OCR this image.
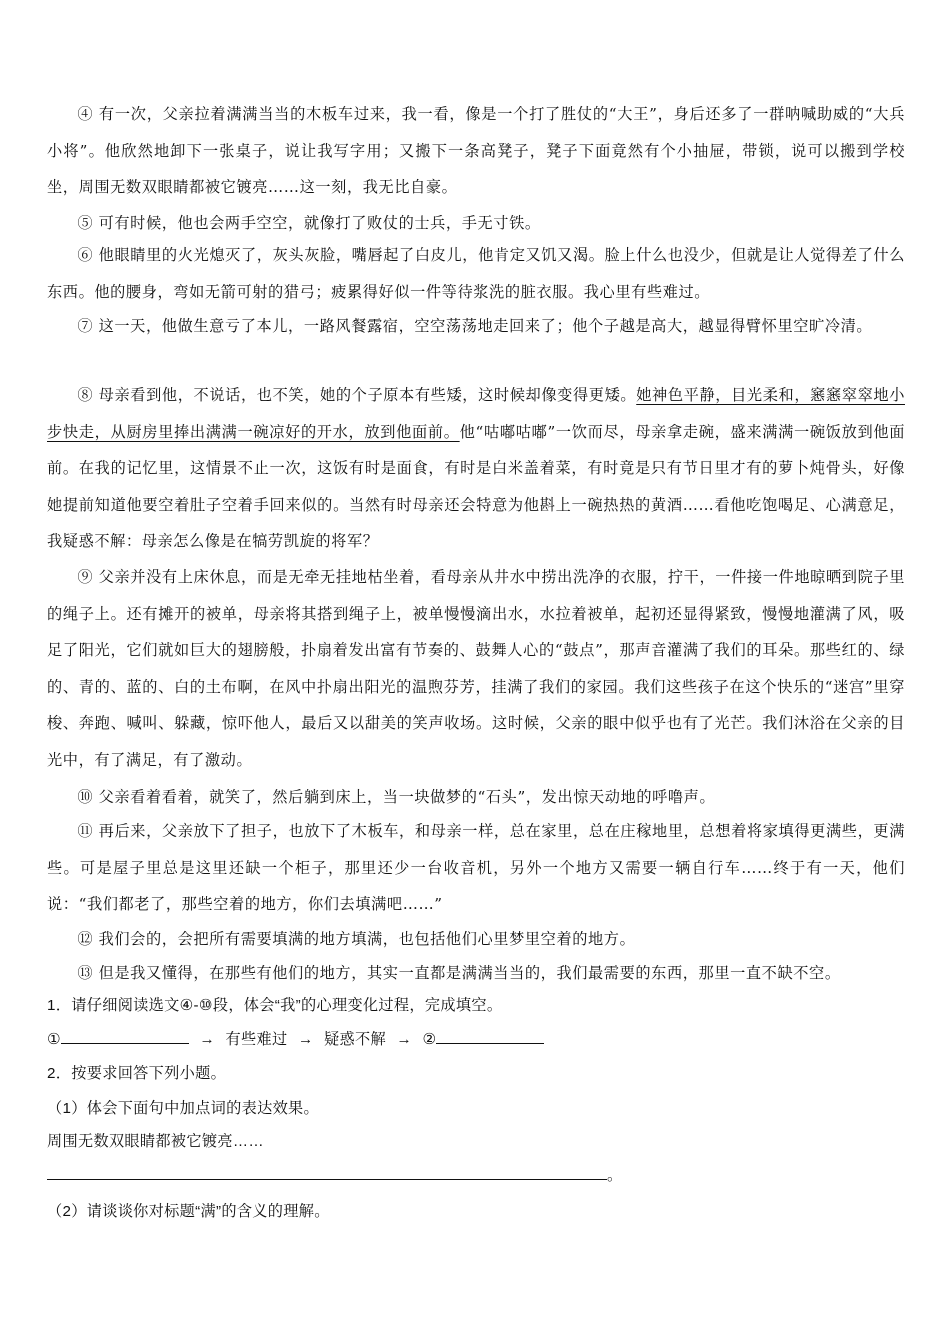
④ 有一次，父亲拉着满满当当的木板车过来，我一看，像是一个打了胜仗的“大王”，身后还多了一群呐喊助威的“大兵小将”。他欣然地卸下一张桌子，说让我写字用；又搬下一条高凳子，凳子下面竟然有个小抽屉，带锁，说可以搬到学校坐，周围无数双眼睛都被它镀亮……这一刻，我无比自豪。
⑤ 可有时候，他也会两手空空，就像打了败仗的士兵，手无寸铁。
⑥ 他眼睛里的火光熄灭了，灰头灰脸，嘴唇起了白皮儿，他肯定又饥又渴。脸上什么也没少，但就是让人觉得差了什么东西。他的腰身，弯如无箭可射的猎弓；疲累得好似一件等待浆洗的脏衣服。我心里有些难过。
⑦ 这一天，他做生意亏了本儿，一路风餐露宿，空空荡荡地走回来了；他个子越是高大，越显得臂怀里空旷冷清。
⑧ 母亲看到他，不说话，也不笑，她的个子原本有些矮，这时候却像变得更矮。她神色平静，目光柔和，窸窸窣窣地小步快走，从厨房里捧出满满一碗凉好的开水，放到他面前。他“咕嘟咕嘟”一饮而尽，母亲拿走碗，盛来满满一碗饭放到他面前。在我的记忆里，这情景不止一次，这饭有时是面食，有时是白米盖着菜，有时竟是只有节日里才有的萝卜炖骨头，好像她提前知道他要空着肚子空着手回来似的。当然有时母亲还会特意为他斟上一碗热热的黄酒……看他吃饱喝足、心满意足，我疑惑不解：母亲怎么像是在犒劳凯旋的将军？
⑨ 父亲并没有上床休息，而是无牵无挂地枯坐着，看母亲从井水中捞出洗净的衣服，拧干，一件接一件地晾晒到院子里的绳子上。还有摊开的被单，母亲将其搭到绳子上，被单慢慢滴出水，水拉着被单，起初还显得紧致，慢慢地灌满了风，吸足了阳光，它们就如巨大的翅膀般，扑扇着发出富有节奏的、鼓舞人心的“鼓点”，那声音灌满了我们的耳朵。那些红的、绿的、青的、蓝的、白的土布啊，在风中扑扇出阳光的温煦芬芳，挂满了我们的家园。我们这些孩子在这个快乐的“迷宫”里穿梭、奔跑、喊叫、躲藏，惊吓他人，最后又以甜美的笑声收场。这时候，父亲的眼中似乎也有了光芒。我们沐浴在父亲的目光中，有了满足，有了激动。
⑩ 父亲看着看着，就笑了，然后躺到床上，当一块做梦的“石头”，发出惊天动地的呼噜声。
⑪ 再后来，父亲放下了担子，也放下了木板车，和母亲一样，总在家里，总在庄稼地里，总想着将家填得更满些，更满些。可是屋子里总是这里还缺一个柜子，那里还少一台收音机，另外一个地方又需要一辆自行车……终于有一天，他们说：“我们都老了，那些空着的地方，你们去填满吧……”
⑫ 我们会的，会把所有需要填满的地方填满，也包括他们心里梦里空着的地方。
⑬ 但是我又懂得，在那些有他们的地方，其实一直都是满满当当的，我们最需要的东西，那里一直不缺不空。
1．请仔细阅读选文④-⑩段，体会“我”的心理变化过程，完成填空。
①	→ 有些难过 → 疑惑不解 → ②
2．按要求回答下列小题。
（1）体会下面句中加点词的表达效果。
周围无数双眼睛都被它镀亮……
。
（2）请谈谈你对标题“满”的含义的理解。
